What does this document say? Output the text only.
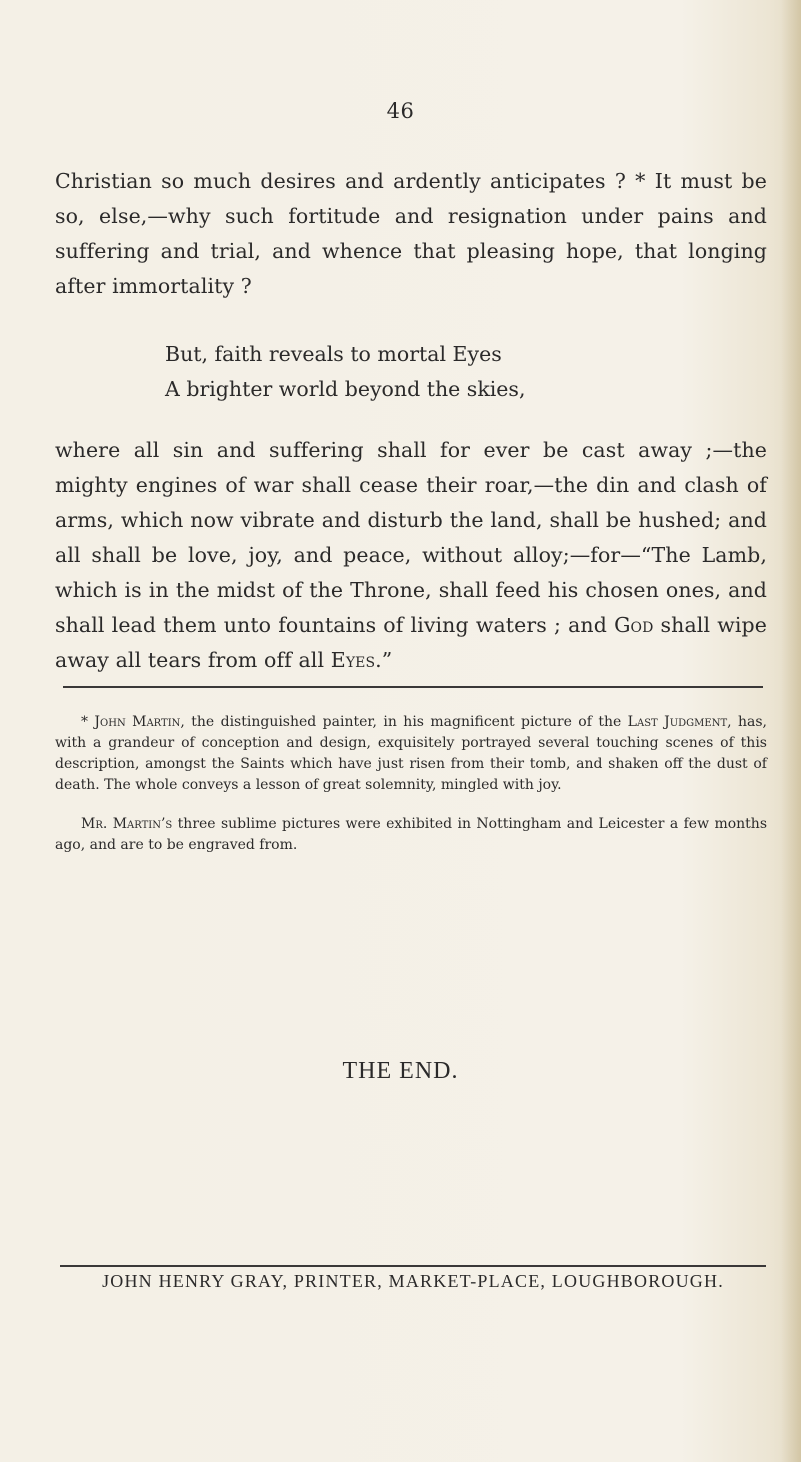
46
Christian so much desires and ardently anticipates ? * It must be so, else,—why such fortitude and resignation under pains and suffering and trial, and whence that pleasing hope, that longing after immortality ?
But, faith reveals to mortal Eyes
A brighter world beyond the skies,
where all sin and suffering shall for ever be cast away ;—the mighty engines of war shall cease their roar,—the din and clash of arms, which now vibrate and disturb the land, shall be hushed; and all shall be love, joy, and peace, without alloy;—for—“The Lamb, which is in the midst of the Throne, shall feed his chosen ones, and shall lead them unto fountains of living waters ; and God shall wipe away all tears from off all Eyes.”
* John Martin, the distinguished painter, in his magnificent picture of the Last Judgment, has, with a grandeur of conception and design, exquisitely portrayed several touching scenes of this description, amongst the Saints which have just risen from their tomb, and shaken off the dust of death. The whole conveys a lesson of great solemnity, mingled with joy.
Mr. Martin’s three sublime pictures were exhibited in Nottingham and Leicester a few months ago, and are to be engraved from.
THE END.
JOHN HENRY GRAY, PRINTER, MARKET-PLACE, LOUGHBOROUGH.
